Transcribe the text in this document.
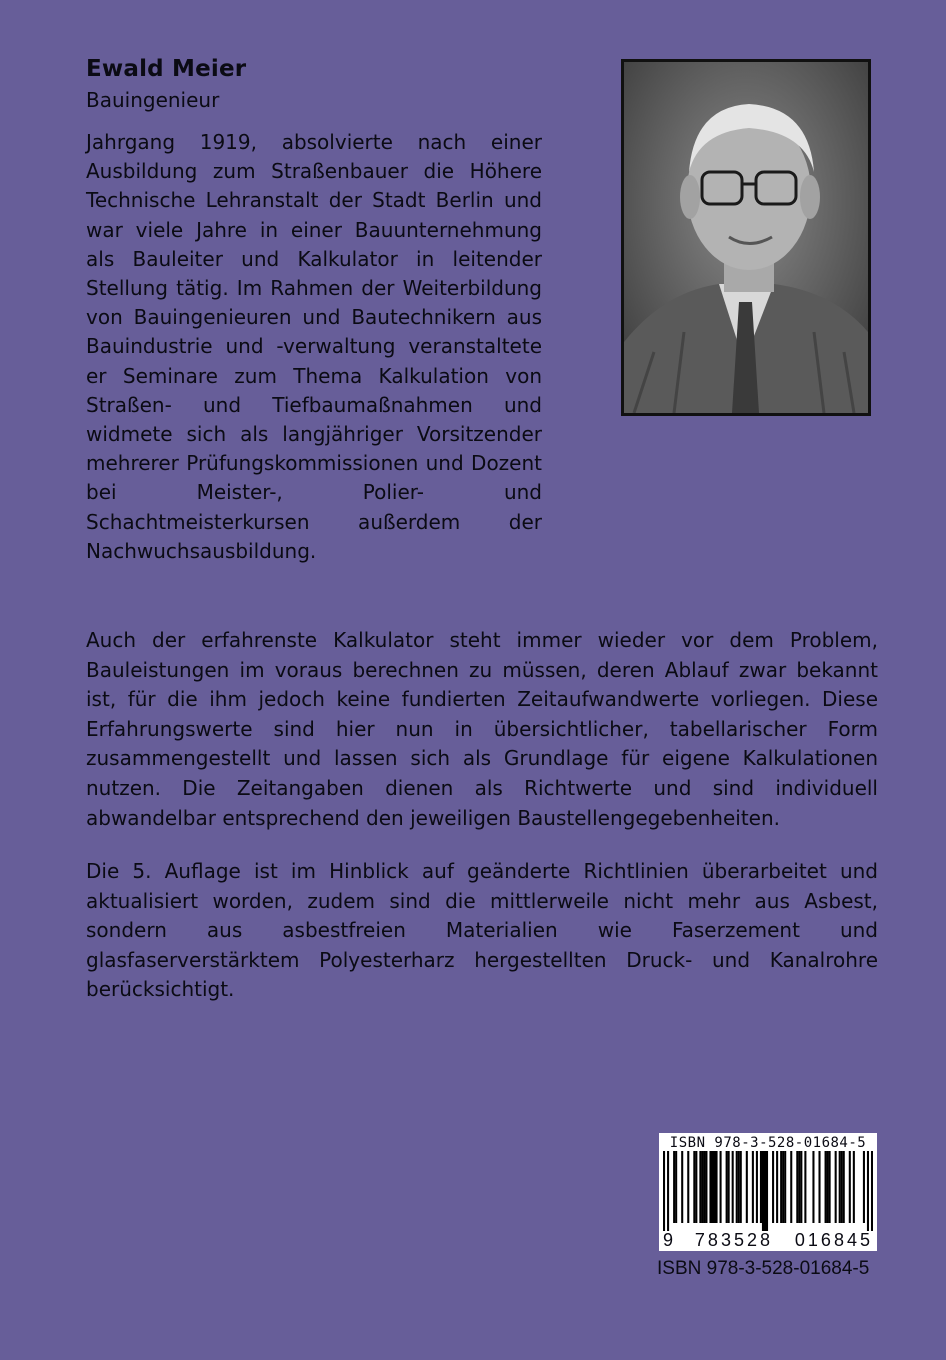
Ewald Meier
Bauingenieur

Jahrgang 1919, absolvierte nach einer Ausbildung zum Straßenbauer die Höhere Technische Lehranstalt der Stadt Berlin und war viele Jahre in einer Bauunternehmung als Bauleiter und Kalkulator in leitender Stellung tätig. Im Rahmen der Weiterbildung von Bauingenieuren und Bautechnikern aus Bauindustrie und -verwaltung veranstaltete er Seminare zum Thema Kalkulation von Straßen- und Tiefbaumaßnahmen und widmete sich als langjähriger Vorsitzender mehrerer Prüfungskommissionen und Dozent bei Meister-, Polier- und Schachtmeisterkursen außerdem der Nachwuchsausbildung.

Auch der erfahrenste Kalkulator steht immer wieder vor dem Problem, Bauleistungen im voraus berechnen zu müssen, deren Ablauf zwar bekannt ist, für die ihm jedoch keine fundierten Zeitaufwandwerte vorliegen. Diese Erfahrungswerte sind hier nun in übersichtlicher, tabellarischer Form zusammengestellt und lassen sich als Grundlage für eigene Kalkulationen nutzen. Die Zeitangaben dienen als Richtwerte und sind individuell abwandelbar entsprechend den jeweiligen Baustellengegebenheiten.

Die 5. Auflage ist im Hinblick auf geänderte Richtlinien überarbeitet und aktualisiert worden, zudem sind die mittlerweile nicht mehr aus Asbest, sondern aus asbestfreien Materialien wie Faserzement und glasfaserverstärktem Polyesterharz hergestellten Druck- und Kanalrohre berücksichtigt.

ISBN 978-3-528-01684-5
9 783528 016845
ISBN 978-3-528-01684-5
